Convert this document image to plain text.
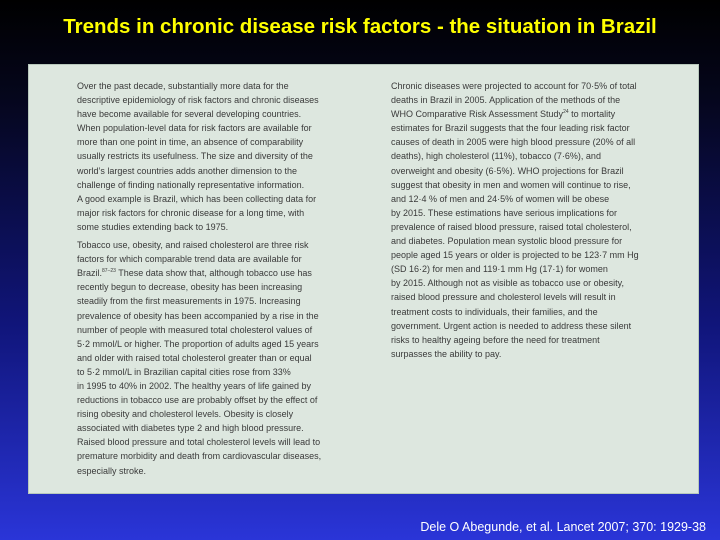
Trends in chronic disease risk factors - the situation in Brazil

Over the past decade, substantially more data for the
descriptive epidemiology of risk factors and chronic diseases
have become available for several developing countries.
When population-level data for risk factors are available for
more than one point in time, an absence of comparability
usually restricts its usefulness. The size and diversity of the
world’s largest countries adds another dimension to the
challenge of finding nationally representative information.
A good example is Brazil, which has been collecting data for
major risk factors for chronic disease for a long time, with
some studies extending back to 1975.

Tobacco use, obesity, and raised cholesterol are three risk
factors for which comparable trend data are available for
Brazil.$^{87-23}$ These data show that, although tobacco use has
recently begun to decrease, obesity has been increasing
steadily from the first measurements in 1975. Increasing
prevalence of obesity has been accompanied by a rise in the
number of people with measured total cholesterol values of
5·2 mmol/L or higher. The proportion of adults aged 15 years
and older with raised total cholesterol greater than or equal
to 5·2 mmol/L in Brazilian capital cities rose from 33%
in 1995 to 40% in 2002. The healthy years of life gained by
reductions in tobacco use are probably offset by the effect of
rising obesity and cholesterol levels. Obesity is closely
associated with diabetes type 2 and high blood pressure.
Raised blood pressure and total cholesterol levels will lead to
premature morbidity and death from cardiovascular diseases,
especially stroke.

Chronic diseases were projected to account for 70·5% of total
deaths in Brazil in 2005. Application of the methods of the
WHO Comparative Risk Assessment Study$^{24}$ to mortality
estimates for Brazil suggests that the four leading risk factor
causes of death in 2005 were high blood pressure (20% of all
deaths), high cholesterol (11%), tobacco (7·6%), and
overweight and obesity (6·5%). WHO projections for Brazil
suggest that obesity in men and women will continue to rise,
and 12·4 % of men and 24·5% of women will be obese
by 2015. These estimations have serious implications for
prevalence of raised blood pressure, raised total cholesterol,
and diabetes. Population mean systolic blood pressure for
people aged 15 years or older is projected to be 123·7 mm Hg
(SD 16·2) for men and 119·1 mm Hg (17·1) for women
by 2015. Although not as visible as tobacco use or obesity,
raised blood pressure and cholesterol levels will result in
treatment costs to individuals, their families, and the
government. Urgent action is needed to address these silent
risks to healthy ageing before the need for treatment
surpasses the ability to pay.

Dele O Abegunde, et al. Lancet 2007; 370: 1929-38
